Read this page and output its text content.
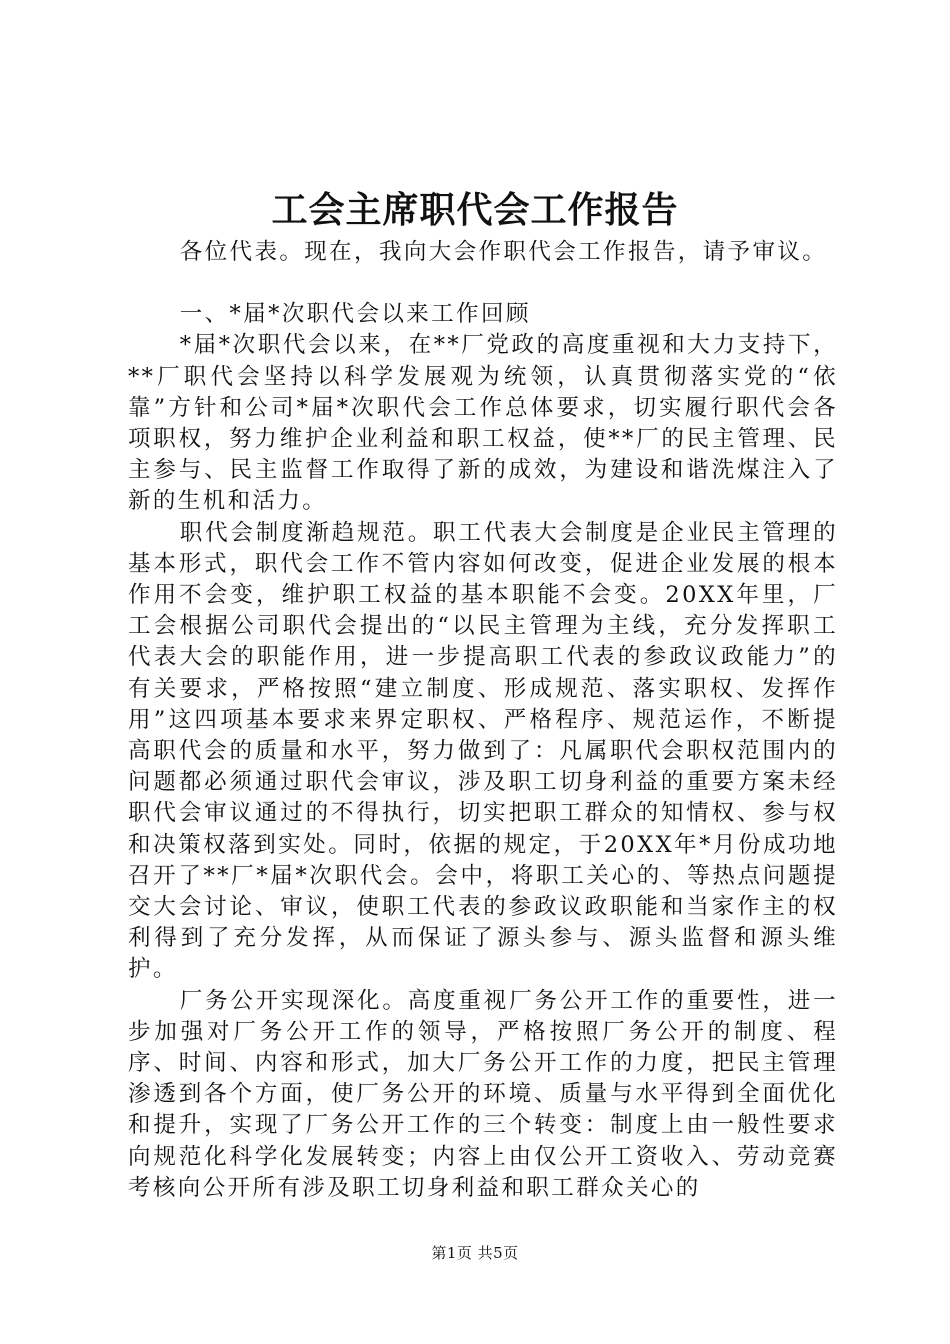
工会主席职代会工作报告

各位代表。现在，我向大会作职代会工作报告，请予审议。

一、*届*次职代会以来工作回顾

*届*次职代会以来，在**厂党政的高度重视和大力支持下，**厂职代会坚持以科学发展观为统领，认真贯彻落实党的“依靠”方针和公司*届*次职代会工作总体要求，切实履行职代会各项职权，努力维护企业利益和职工权益，使**厂的民主管理、民主参与、民主监督工作取得了新的成效，为建设和谐洗煤注入了新的生机和活力。

职代会制度渐趋规范。职工代表大会制度是企业民主管理的基本形式，职代会工作不管内容如何改变，促进企业发展的根本作用不会变，维护职工权益的基本职能不会变。20XX年里，厂工会根据公司职代会提出的“以民主管理为主线，充分发挥职工代表大会的职能作用，进一步提高职工代表的参政议政能力”的有关要求，严格按照“建立制度、形成规范、落实职权、发挥作用”这四项基本要求来界定职权、严格程序、规范运作，不断提高职代会的质量和水平，努力做到了：凡属职代会职权范围内的问题都必须通过职代会审议，涉及职工切身利益的重要方案未经职代会审议通过的不得执行，切实把职工群众的知情权、参与权和决策权落到实处。同时，依据的规定，于20XX年*月份成功地召开了**厂*届*次职代会。会中，将职工关心的、等热点问题提交大会讨论、审议，使职工代表的参政议政职能和当家作主的权利得到了充分发挥，从而保证了源头参与、源头监督和源头维护。

厂务公开实现深化。高度重视厂务公开工作的重要性，进一步加强对厂务公开工作的领导，严格按照厂务公开的制度、程序、时间、内容和形式，加大厂务公开工作的力度，把民主管理渗透到各个方面，使厂务公开的环境、质量与水平得到全面优化和提升，实现了厂务公开工作的三个转变：制度上由一般性要求向规范化科学化发展转变；内容上由仅公开工资收入、劳动竞赛考核向公开所有涉及职工切身利益和职工群众关心的

第1页 共5页
